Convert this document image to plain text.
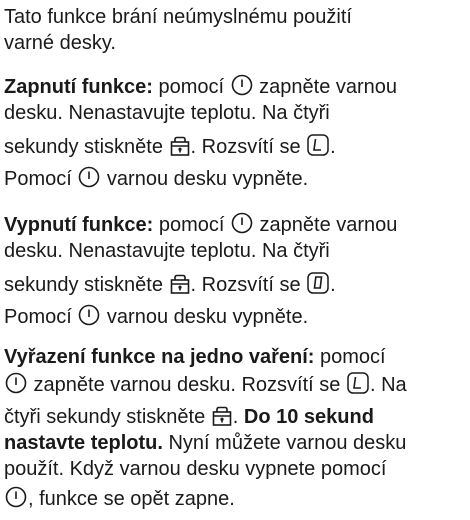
Tato funkce brání neúmyslnému použití
varné desky.
Zapnutí funkce: pomocí
zapněte varnou
desku. Nenastavujte teplotu. Na čtyři
sekundy stiskněte
. Rozsvítí se
.
Pomocí
varnou desku vypněte.
Vypnutí funkce: pomocí
zapněte varnou
desku. Nenastavujte teplotu. Na čtyři
sekundy stiskněte
. Rozsvítí se
.
Pomocí
varnou desku vypněte.
Vyřazení funkce na jedno vaření: pomocí
zapněte varnou desku. Rozsvítí se
. Na
čtyři sekundy stiskněte
. Do 10 sekund
nastavte teplotu. Nyní můžete varnou desku
použít. Když varnou desku vypnete pomocí
, funkce se opět zapne.
